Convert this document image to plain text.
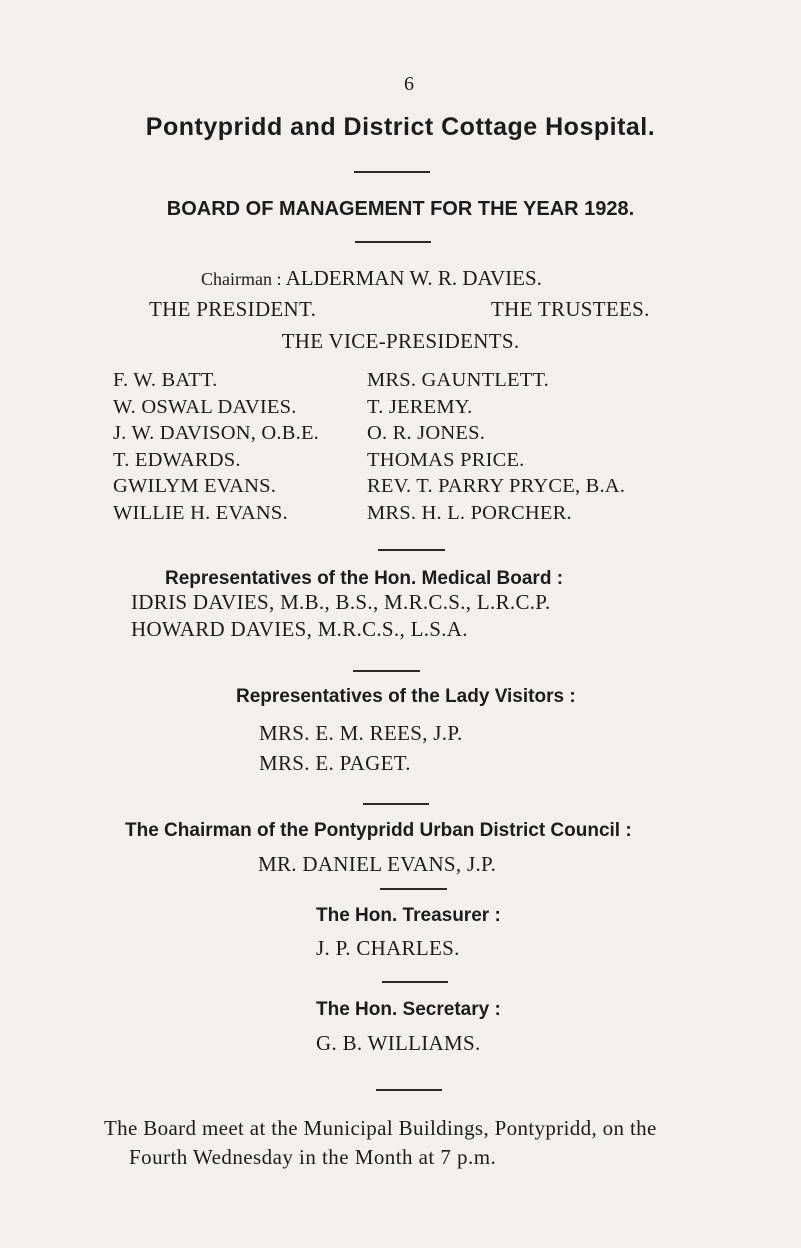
6
Pontypridd and District Cottage Hospital.
BOARD OF MANAGEMENT FOR THE YEAR 1928.
Chairman : ALDERMAN W. R. DAVIES.
THE PRESIDENT.	THE TRUSTEES.
THE VICE-PRESIDENTS.
F. W. BATT.
W. OSWAL DAVIES.
J. W. DAVISON, O.B.E.
T. EDWARDS.
GWILYM EVANS.
WILLIE H. EVANS.
MRS. GAUNTLETT.
T. JEREMY.
O. R. JONES.
THOMAS PRICE.
REV. T. PARRY PRYCE, B.A.
MRS. H. L. PORCHER.
Representatives of the Hon. Medical Board :
IDRIS DAVIES, M.B., B.S., M.R.C.S., L.R.C.P.
HOWARD DAVIES, M.R.C.S., L.S.A.
Representatives of the Lady Visitors :
MRS. E. M. REES, J.P.
MRS. E. PAGET.
The Chairman of the Pontypridd Urban District Council :
MR. DANIEL EVANS, J.P.
The Hon. Treasurer :
J. P. CHARLES.
The Hon. Secretary :
G. B. WILLIAMS.
The Board meet at the Municipal Buildings, Pontypridd, on the
Fourth Wednesday in the Month at 7 p.m.
